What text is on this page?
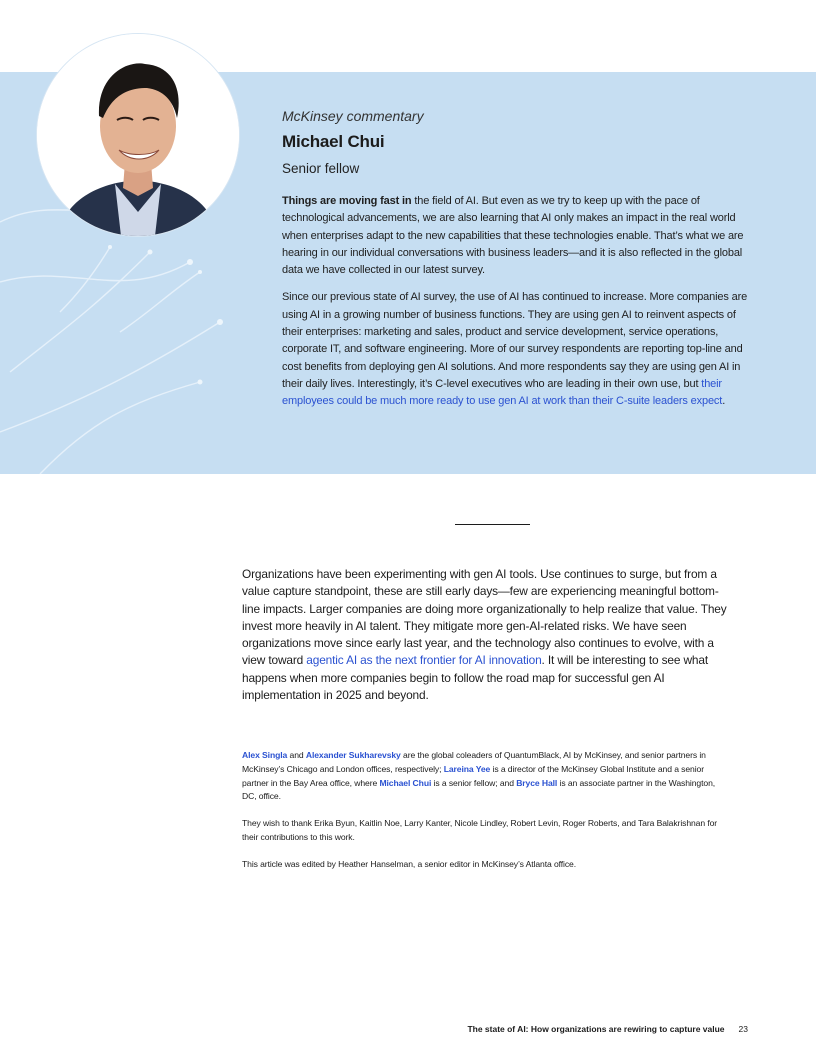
McKinsey commentary

Michael Chui

Senior fellow

Things are moving fast in the field of AI. But even as we try to keep up with the pace of technological advancements, we are also learning that AI only makes an impact in the real world when enterprises adapt to the new capabilities that these technologies enable. That’s what we are hearing in our individual conversations with business leaders—and it is also reflected in the global data we have collected in our latest survey.

Since our previous state of AI survey, the use of AI has continued to increase. More companies are using AI in a growing number of business functions. They are using gen AI to reinvent aspects of their enterprises: marketing and sales, product and service development, service operations, corporate IT, and software engineering. More of our survey respondents are reporting top-line and cost benefits from deploying gen AI solutions. And more respondents say they are using gen AI in their daily lives. Interestingly, it’s C-level executives who are leading in their own use, but their employees could be much more ready to use gen AI at work than their C-suite leaders expect.

Organizations have been experimenting with gen AI tools. Use continues to surge, but from a value capture standpoint, these are still early days—few are experiencing meaningful bottom-line impacts. Larger companies are doing more organizationally to help realize that value. They invest more heavily in AI talent. They mitigate more gen-AI-related risks. We have seen organizations move since early last year, and the technology also continues to evolve, with a view toward agentic AI as the next frontier for AI innovation. It will be interesting to see what happens when more companies begin to follow the road map for successful gen AI implementation in 2025 and beyond.

Alex Singla and Alexander Sukharevsky are the global coleaders of QuantumBlack, AI by McKinsey, and senior partners in McKinsey’s Chicago and London offices, respectively; Lareina Yee is a director of the McKinsey Global Institute and a senior partner in the Bay Area office, where Michael Chui is a senior fellow; and Bryce Hall is an associate partner in the Washington, DC, office.

They wish to thank Erika Byun, Kaitlin Noe, Larry Kanter, Nicole Lindley, Robert Levin, Roger Roberts, and Tara Balakrishnan for their contributions to this work.

This article was edited by Heather Hanselman, a senior editor in McKinsey’s Atlanta office.

The state of AI: How organizations are rewiring to capture value 23
